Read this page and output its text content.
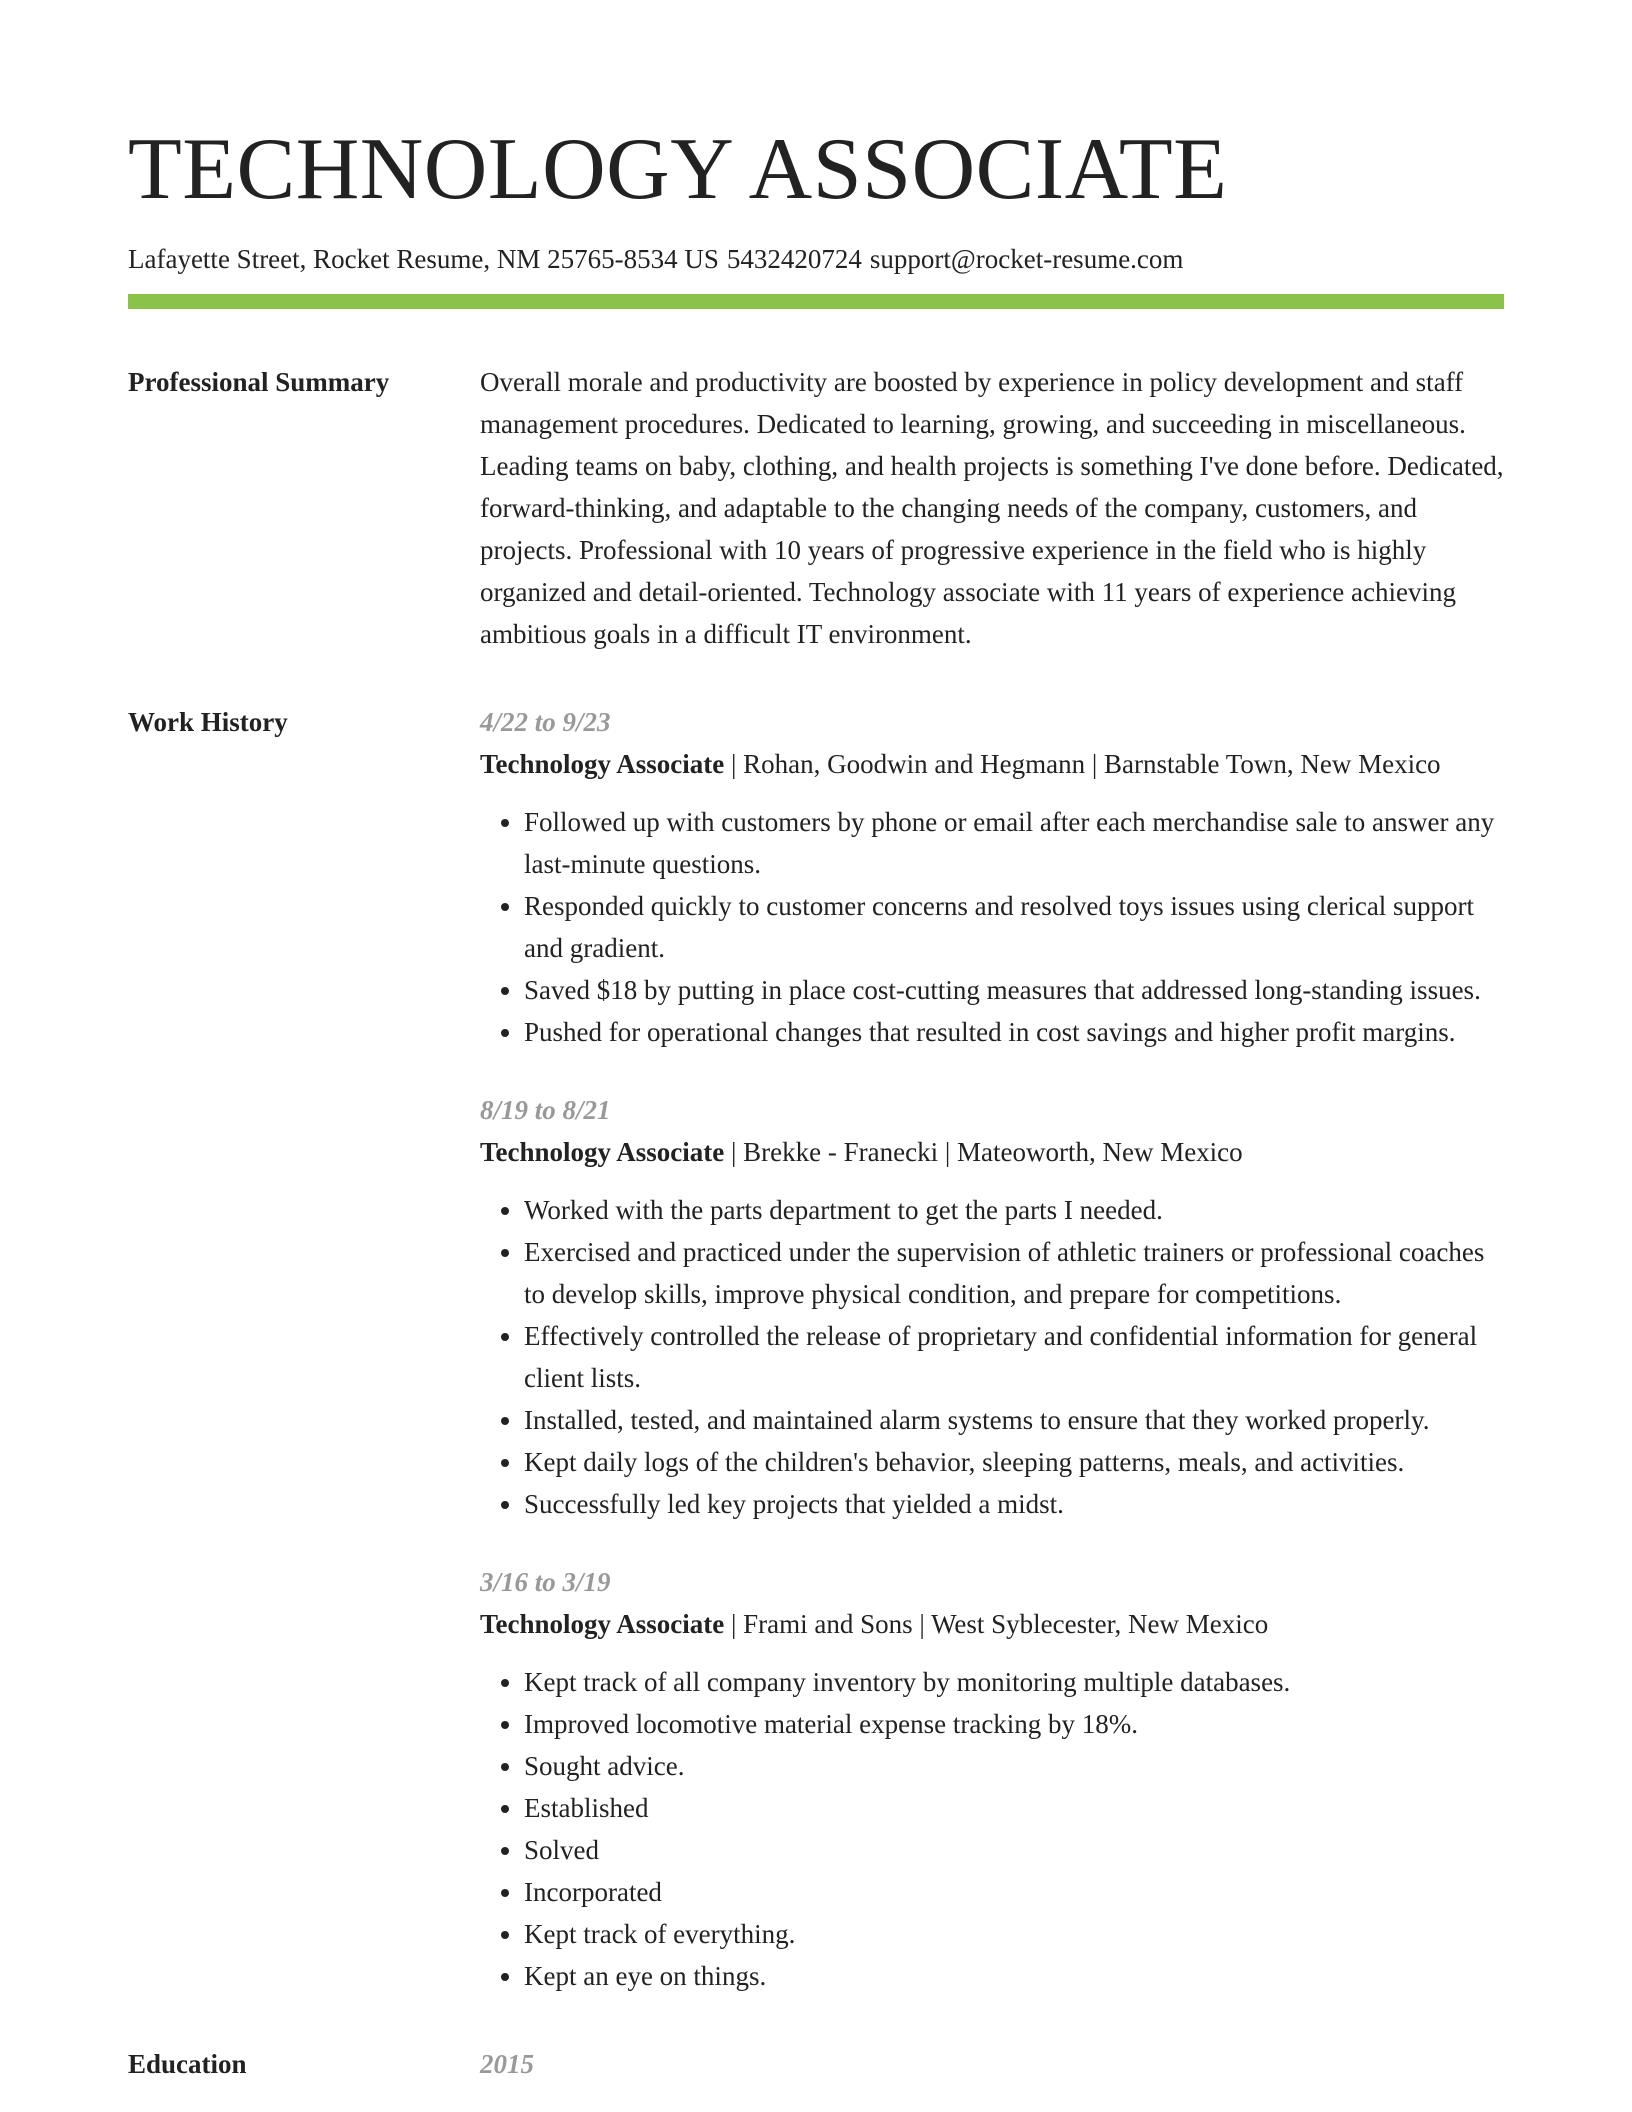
TECHNOLOGY ASSOCIATE
Lafayette Street, Rocket Resume, NM 25765-8534 US 5432420724 support@rocket-resume.com
Professional Summary	Overall morale and productivity are boosted by experience in policy development and staff management procedures. Dedicated to learning, growing, and succeeding in miscellaneous. Leading teams on baby, clothing, and health projects is something I've done before. Dedicated, forward-thinking, and adaptable to the changing needs of the company, customers, and projects. Professional with 10 years of progressive experience in the field who is highly organized and detail-oriented. Technology associate with 11 years of experience achieving ambitious goals in a difficult IT environment.

Work History	4/22 to 9/23
Technology Associate | Rohan, Goodwin and Hegmann | Barnstable Town, New Mexico
• Followed up with customers by phone or email after each merchandise sale to answer any last-minute questions.
• Responded quickly to customer concerns and resolved toys issues using clerical support and gradient.
• Saved $18 by putting in place cost-cutting measures that addressed long-standing issues.
• Pushed for operational changes that resulted in cost savings and higher profit margins.
8/19 to 8/21
Technology Associate | Brekke - Franecki | Mateoworth, New Mexico
• Worked with the parts department to get the parts I needed.
• Exercised and practiced under the supervision of athletic trainers or professional coaches to develop skills, improve physical condition, and prepare for competitions.
• Effectively controlled the release of proprietary and confidential information for general client lists.
• Installed, tested, and maintained alarm systems to ensure that they worked properly.
• Kept daily logs of the children's behavior, sleeping patterns, meals, and activities.
• Successfully led key projects that yielded a midst.
3/16 to 3/19
Technology Associate | Frami and Sons | West Syblecester, New Mexico
• Kept track of all company inventory by monitoring multiple databases.
• Improved locomotive material expense tracking by 18%.
• Sought advice.
• Established
• Solved
• Incorporated
• Kept track of everything.
• Kept an eye on things.
Education	2015
